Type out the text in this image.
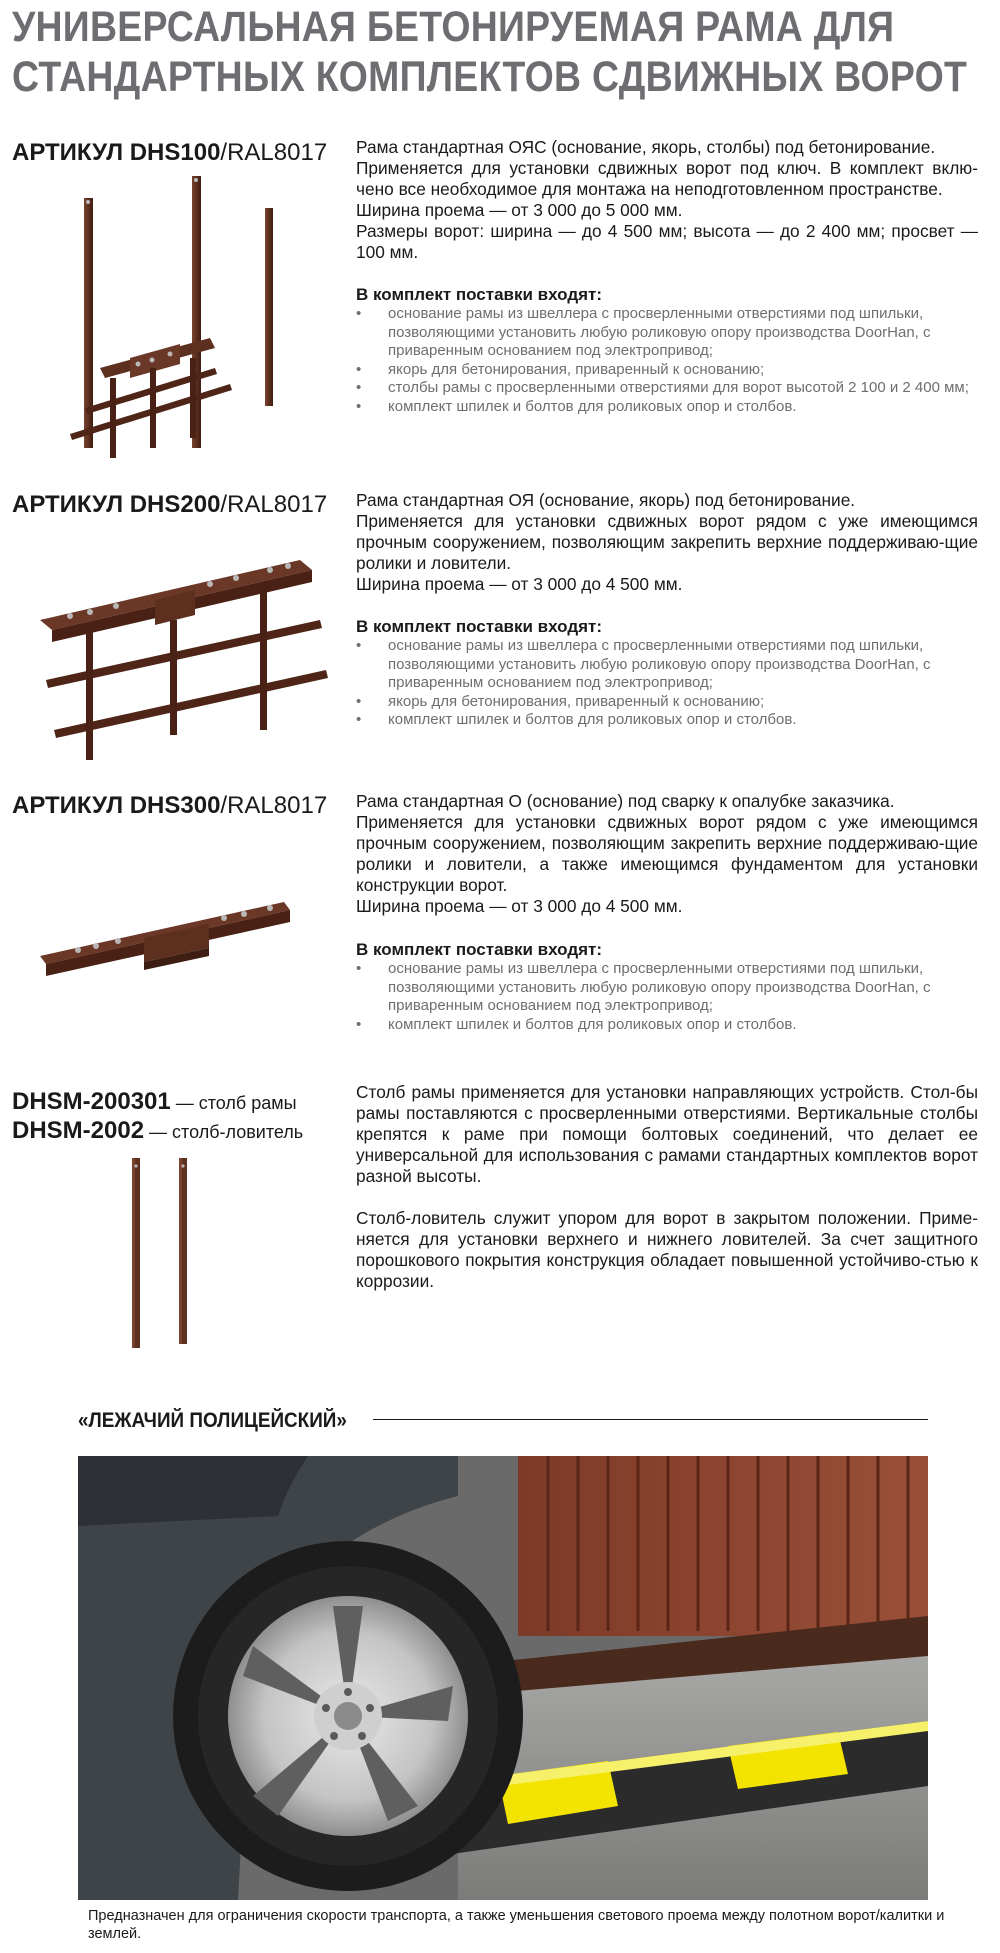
УНИВЕРСАЛЬНАЯ БЕТОНИРУЕМАЯ РАМА ДЛЯ
СТАНДАРТНЫХ КОМПЛЕКТОВ СДВИЖНЫХ ВОРОТ
АРТИКУЛ DHS100/RAL8017 Рама стандартная ОЯС (основание, якорь, столбы) под бетонирование.

Применяется для установки сдвижных ворот под ключ. В комплект вклю-чено все необходимое для монтажа на неподготовленном пространстве.

Ширина проема — от 3 000 до 5 000 мм.

Размеры ворот: ширина — до 4 500 мм; высота — до 2 400 мм; просвет — 100 мм.

В комплект поставки входят:
• основание рамы из швеллера с просверленными отверстиями под шпильки, позволяющими установить любую роликовую опору производства DoorHan, с приваренным основанием под электропривод;
• якорь для бетонирования, приваренный к основанию;
• столбы рамы с просверленными отверстиями для ворот высотой 2 100 и 2 400 мм;
• комплект шпилек и болтов для роликовых опор и столбов.
АРТИКУЛ DHS200/RAL8017 Рама стандартная ОЯ (основание, якорь) под бетонирование.

Применяется для установки сдвижных ворот рядом с уже имеющимся прочным сооружением, позволяющим закрепить верхние поддерживаю-щие ролики и ловители.

Ширина проема — от 3 000 до 4 500 мм.

В комплект поставки входят:
• основание рамы из швеллера с просверленными отверстиями под шпильки, позволяющими установить любую роликовую опору производства DoorHan, с приваренным основанием под электропривод;
• якорь для бетонирования, приваренный к основанию;
• комплект шпилек и болтов для роликовых опор и столбов.
АРТИКУЛ DHS300/RAL8017 Рама стандартная О (основание) под сварку к опалубке заказчика.

Применяется для установки сдвижных ворот рядом с уже имеющимся прочным сооружением, позволяющим закрепить верхние поддерживаю-щие ролики и ловители, а также имеющимся фундаментом для установки конструкции ворот.

Ширина проема — от 3 000 до 4 500 мм.

В комплект поставки входят:
• основание рамы из швеллера с просверленными отверстиями под шпильки, позволяющими установить любую роликовую опору производства DoorHan, с приваренным основанием под электропривод;
• комплект шпилек и болтов для роликовых опор и столбов.
DHSM-200301 — столб рамы
DHSM-2002 — столб-ловитель

Столб рамы применяется для установки направляющих устройств. Стол-бы рамы поставляются с просверленными отверстиями. Вертикальные столбы крепятся к раме при помощи болтовых соединений, что делает ее универсальной для использования с рамами стандартных комплектов ворот разной высоты.

Столб-ловитель служит упором для ворот в закрытом положении. Приме-няется для установки верхнего и нижнего ловителей. За счет защитного порошкового покрытия конструкция обладает повышенной устойчиво-стью к коррозии.

«ЛЕЖАЧИЙ ПОЛИЦЕЙСКИЙ»
Предназначен для ограничения скорости транспорта, а также уменьшения светового проема между полотном ворот/калитки и землей.
